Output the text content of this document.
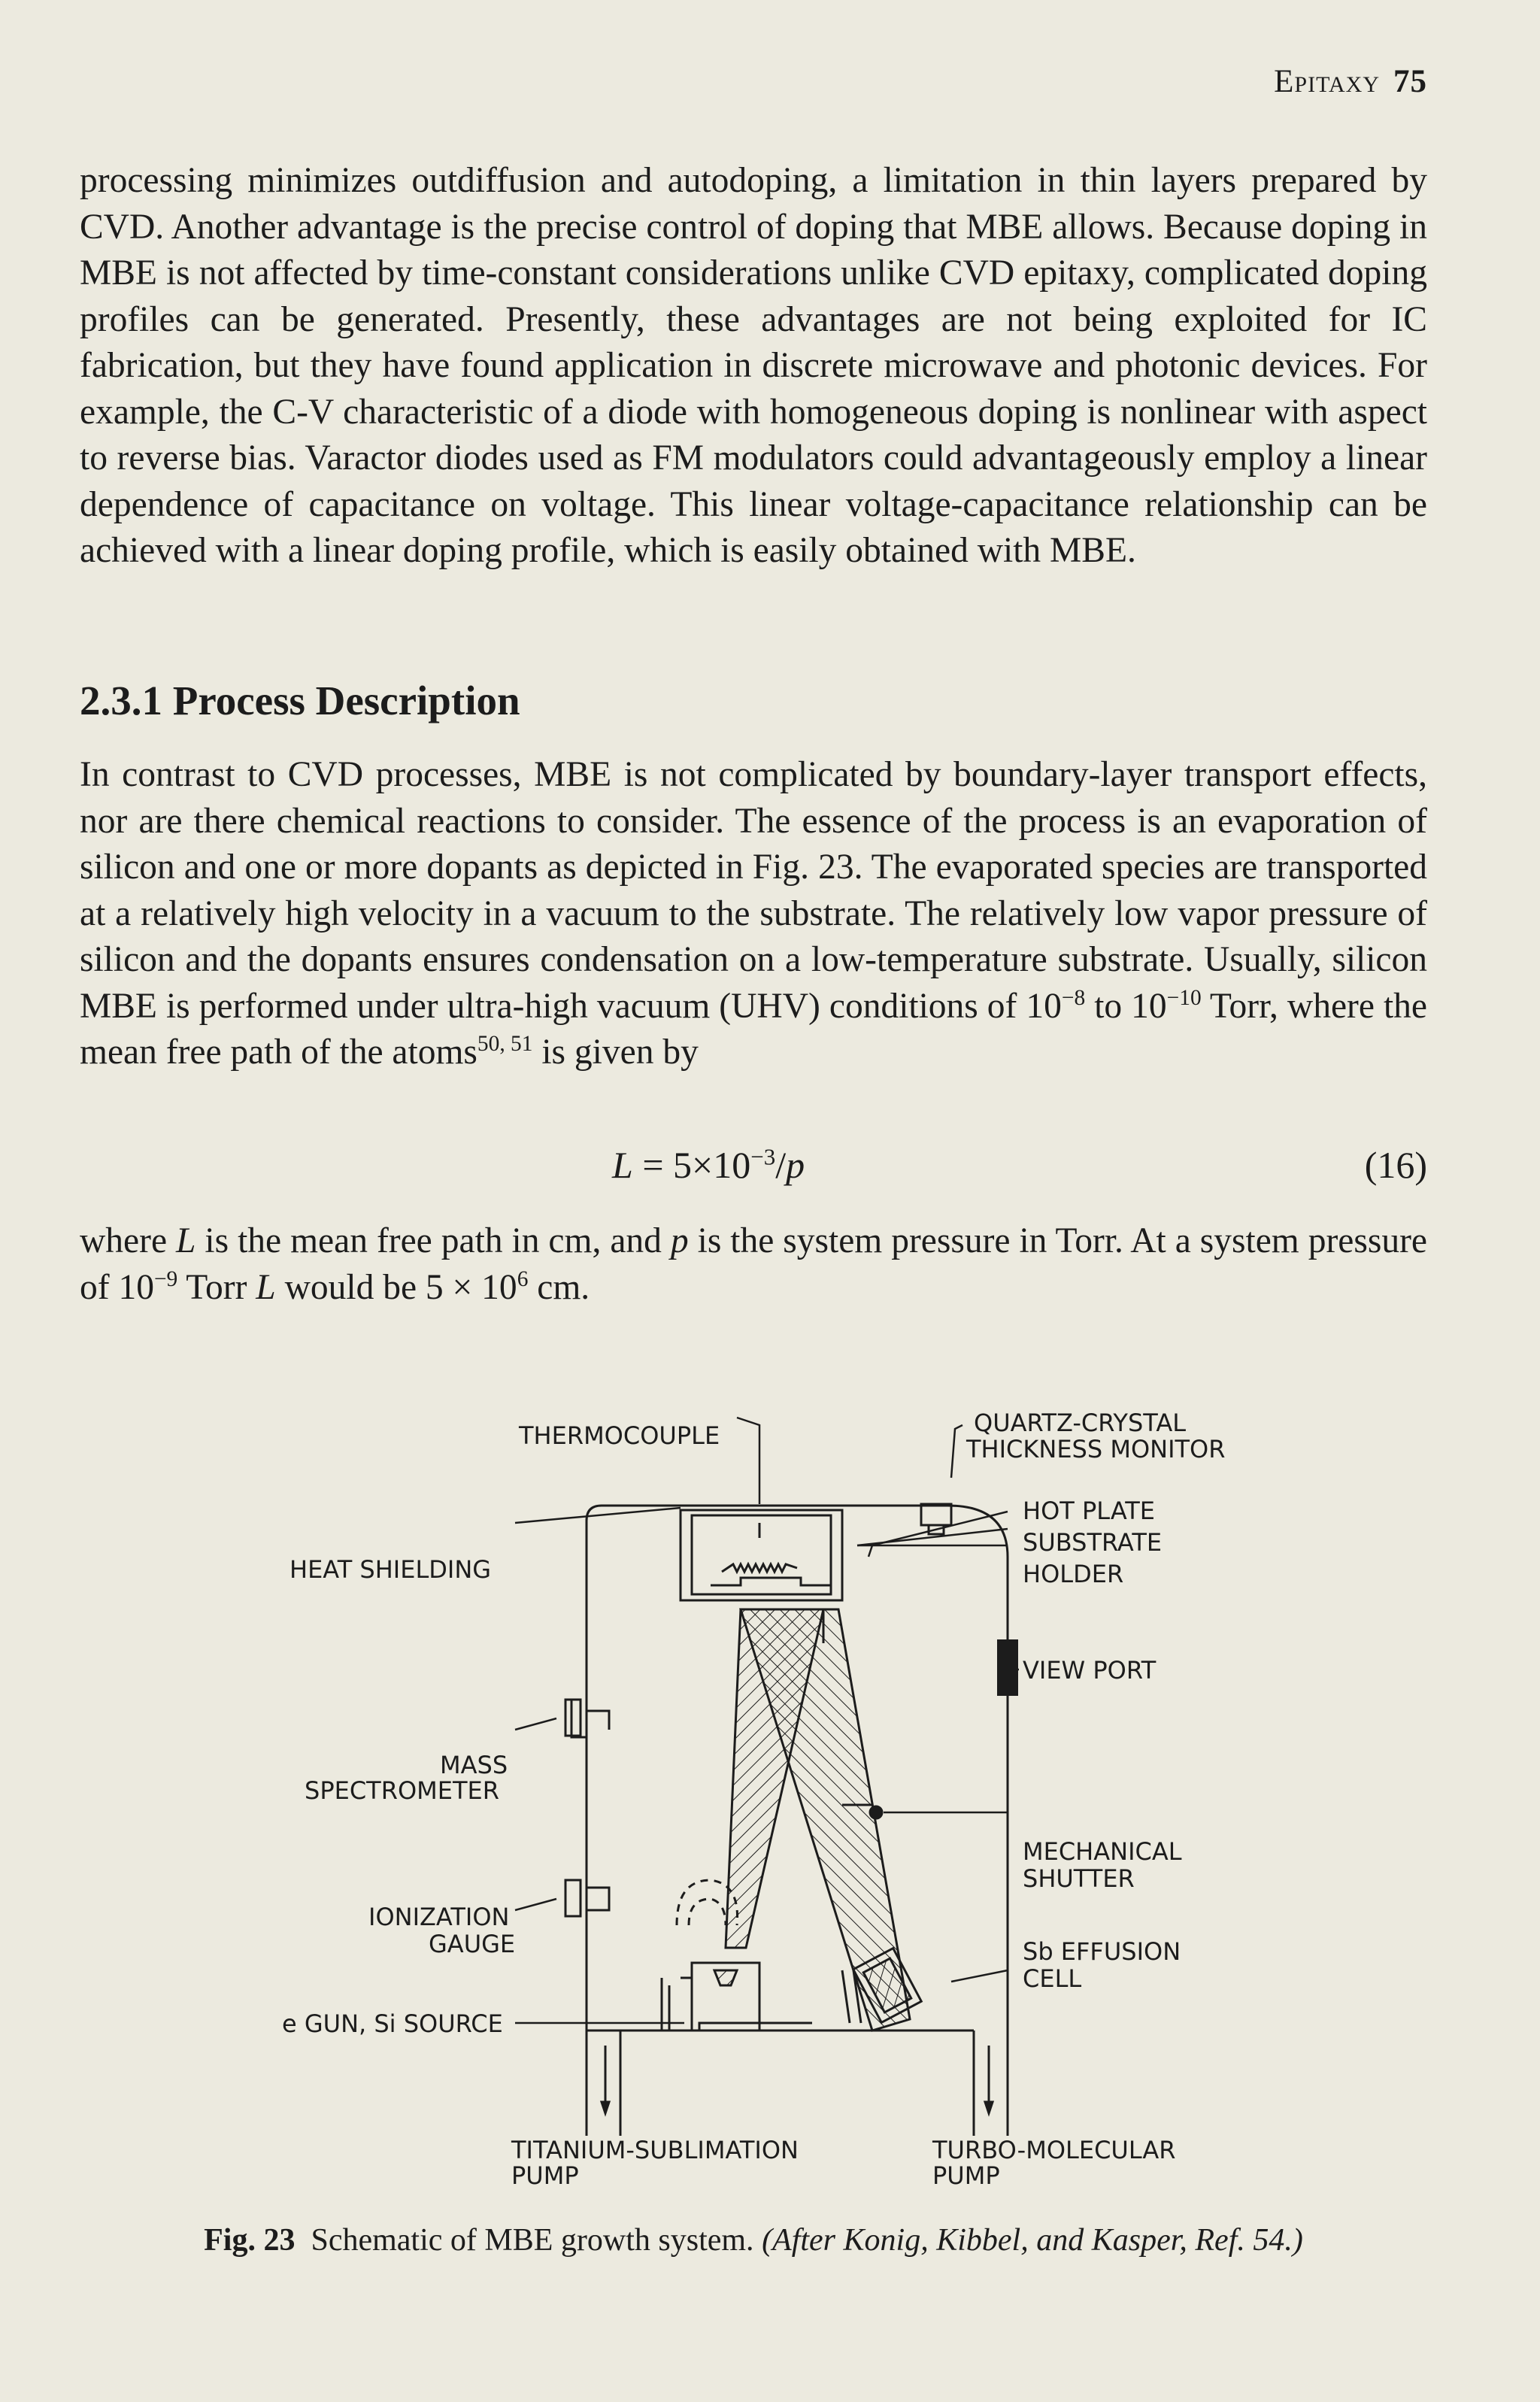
Epitaxy 75
processing minimizes outdiffusion and autodoping, a limitation in thin layers prepared by CVD. Another advantage is the precise control of doping that MBE allows. Because doping in MBE is not affected by time-constant considerations unlike CVD epitaxy, complicated doping profiles can be generated. Presently, these advantages are not being exploited for IC fabrication, but they have found application in discrete microwave and photonic devices. For example, the C-V characteristic of a diode with homogeneous doping is nonlinear with aspect to reverse bias. Varactor diodes used as FM modulators could advantageously employ a linear dependence of capacitance on voltage. This linear voltage-capacitance relationship can be achieved with a linear doping profile, which is easily obtained with MBE.
2.3.1 Process Description
In contrast to CVD processes, MBE is not complicated by boundary-layer transport effects, nor are there chemical reactions to consider. The essence of the process is an evaporation of silicon and one or more dopants as depicted in Fig. 23. The evaporated species are transported at a relatively high velocity in a vacuum to the substrate. The relatively low vapor pressure of silicon and the dopants ensures condensation on a low-temperature substrate. Usually, silicon MBE is performed under ultra-high vacuum (UHV) conditions of $10^{-8}$ to $10^{-10}$ Torr, where the mean free path of the atoms$^{50, 51}$ is given by
$L = 5\times 10^{-3}/p$	(16)
where L is the mean free path in cm, and p is the system pressure in Torr. At a system pressure of $10^{-9}$ Torr L would be $5 \times 10^6$ cm.
THERMOCOUPLE	QUARTZ-CRYSTAL
THICKNESS MONITOR
HOT PLATE
SUBSTRATE
HOLDER
HEAT SHIELDING
VIEW PORT
MASS
SPECTROMETER
IONIZATION
GAUGE
MECHANICAL
SHUTTER
Sb EFFUSION
CELL
e GUN, Si SOURCE
TITANIUM-SUBLIMATION
PUMP
TURBO-MOLECULAR
PUMP
Fig. 23 Schematic of MBE growth system. (After Konig, Kibbel, and Kasper, Ref. 54.)
